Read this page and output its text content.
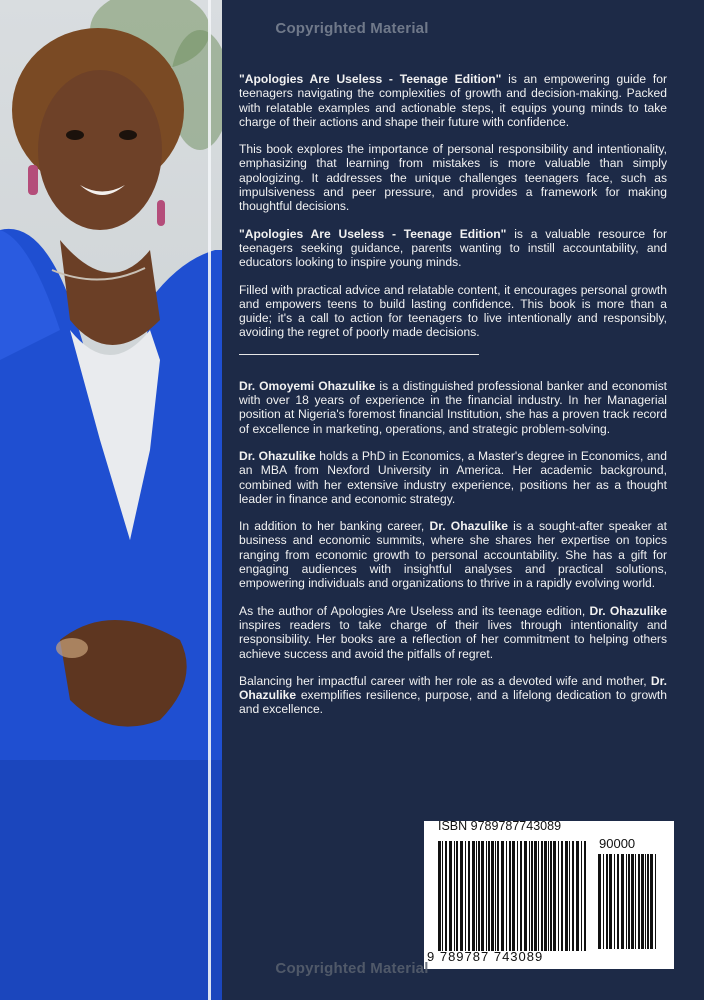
Copyrighted Material

"Apologies Are Useless - Teenage Edition" is an empowering guide for teenagers navigating the complexities of growth and decision-making. Packed with relatable examples and actionable steps, it equips young minds to take charge of their actions and shape their future with confidence.

This book explores the importance of personal responsibility and intentionality, emphasizing that learning from mistakes is more valuable than simply apologizing. It addresses the unique challenges teenagers face, such as impulsiveness and peer pressure, and provides a framework for making thoughtful decisions.

"Apologies Are Useless - Teenage Edition" is a valuable resource for teenagers seeking guidance, parents wanting to instill accountability, and educators looking to inspire young minds.

Filled with practical advice and relatable content, it encourages personal growth and empowers teens to build lasting confidence. This book is more than a guide; it's a call to action for teenagers to live intentionally and responsibly, avoiding the regret of poorly made decisions.

Dr. Omoyemi Ohazulike is a distinguished professional banker and economist with over 18 years of experience in the financial industry. In her Managerial position at Nigeria's foremost financial Institution, she has a proven track record of excellence in marketing, operations, and strategic problem-solving.

Dr. Ohazulike holds a PhD in Economics, a Master's degree in Economics, and an MBA from Nexford University in America. Her academic background, combined with her extensive industry experience, positions her as a thought leader in finance and economic strategy.

In addition to her banking career, Dr. Ohazulike is a sought-after speaker at business and economic summits, where she shares her expertise on topics ranging from economic growth to personal accountability. She has a gift for engaging audiences with insightful analyses and practical solutions, empowering individuals and organizations to thrive in a rapidly evolving world.

As the author of Apologies Are Useless and its teenage edition, Dr. Ohazulike inspires readers to take charge of their lives through intentionality and responsibility. Her books are a reflection of her commitment to helping others achieve success and avoid the pitfalls of regret.

Balancing her impactful career with her role as a devoted wife and mother, Dr. Ohazulike exemplifies resilience, purpose, and a lifelong dedication to growth and excellence.

ISBN 9789787743089
90000
9 789787 743089
Copyrighted Material
